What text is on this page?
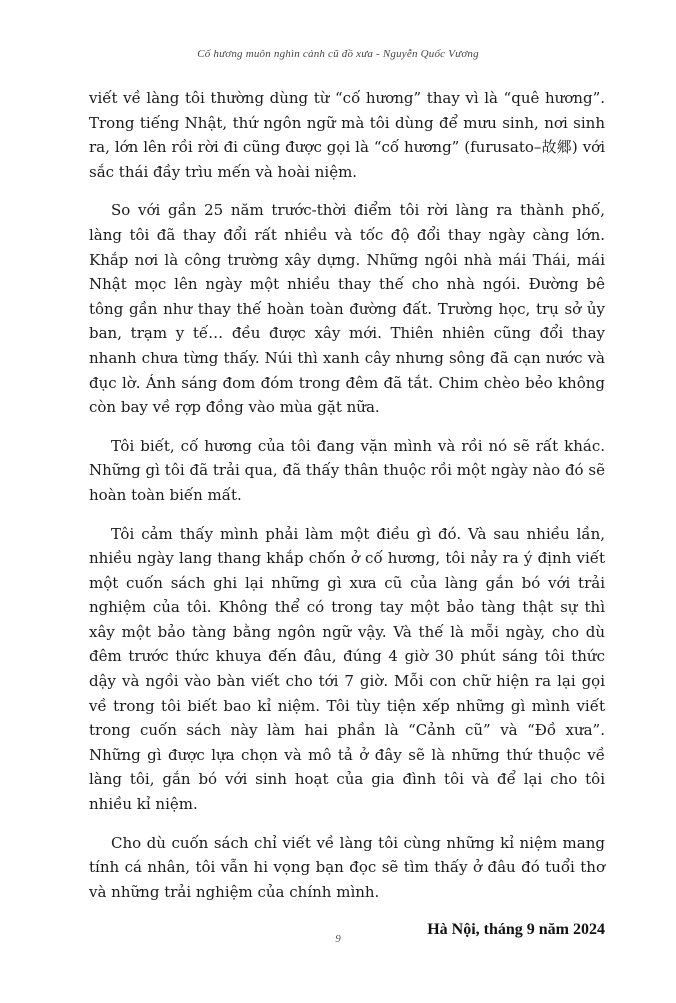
Cố hương muôn nghìn cảnh cũ đồ xưa - Nguyễn Quốc Vương

viết về làng tôi thường dùng từ “cố hương” thay vì là “quê hương”. Trong tiếng Nhật, thứ ngôn ngữ mà tôi dùng để mưu sinh, nơi sinh ra, lớn lên rồi rời đi cũng được gọi là “cố hương” (furusato–故郷) với sắc thái đầy trìu mến và hoài niệm.

So với gần 25 năm trước-thời điểm tôi rời làng ra thành phố, làng tôi đã thay đổi rất nhiều và tốc độ đổi thay ngày càng lớn. Khắp nơi là công trường xây dựng. Những ngôi nhà mái Thái, mái Nhật mọc lên ngày một nhiều thay thế cho nhà ngói. Đường bê tông gần như thay thế hoàn toàn đường đất. Trường học, trụ sở ủy ban, trạm y tế… đều được xây mới. Thiên nhiên cũng đổi thay nhanh chưa từng thấy. Núi thì xanh cây nhưng sông đã cạn nước và đục lờ. Ánh sáng đom đóm trong đêm đã tắt. Chim chèo bẻo không còn bay về rợp đồng vào mùa gặt nữa.

Tôi biết, cố hương của tôi đang vặn mình và rồi nó sẽ rất khác. Những gì tôi đã trải qua, đã thấy thân thuộc rồi một ngày nào đó sẽ hoàn toàn biến mất.

Tôi cảm thấy mình phải làm một điều gì đó. Và sau nhiều lần, nhiều ngày lang thang khắp chốn ở cố hương, tôi nảy ra ý định viết một cuốn sách ghi lại những gì xưa cũ của làng gắn bó với trải nghiệm của tôi. Không thể có trong tay một bảo tàng thật sự thì xây một bảo tàng bằng ngôn ngữ vậy. Và thế là mỗi ngày, cho dù đêm trước thức khuya đến đâu, đúng 4 giờ 30 phút sáng tôi thức dậy và ngồi vào bàn viết cho tới 7 giờ. Mỗi con chữ hiện ra lại gọi về trong tôi biết bao kỉ niệm. Tôi tùy tiện xếp những gì mình viết trong cuốn sách này làm hai phần là “Cảnh cũ” và “Đồ xưa”. Những gì được lựa chọn và mô tả ở đây sẽ là những thứ thuộc về làng tôi, gắn bó với sinh hoạt của gia đình tôi và để lại cho tôi nhiều kỉ niệm.

Cho dù cuốn sách chỉ viết về làng tôi cùng những kỉ niệm mang tính cá nhân, tôi vẫn hi vọng bạn đọc sẽ tìm thấy ở đâu đó tuổi thơ và những trải nghiệm của chính mình.

Hà Nội, tháng 9 năm 2024
9
